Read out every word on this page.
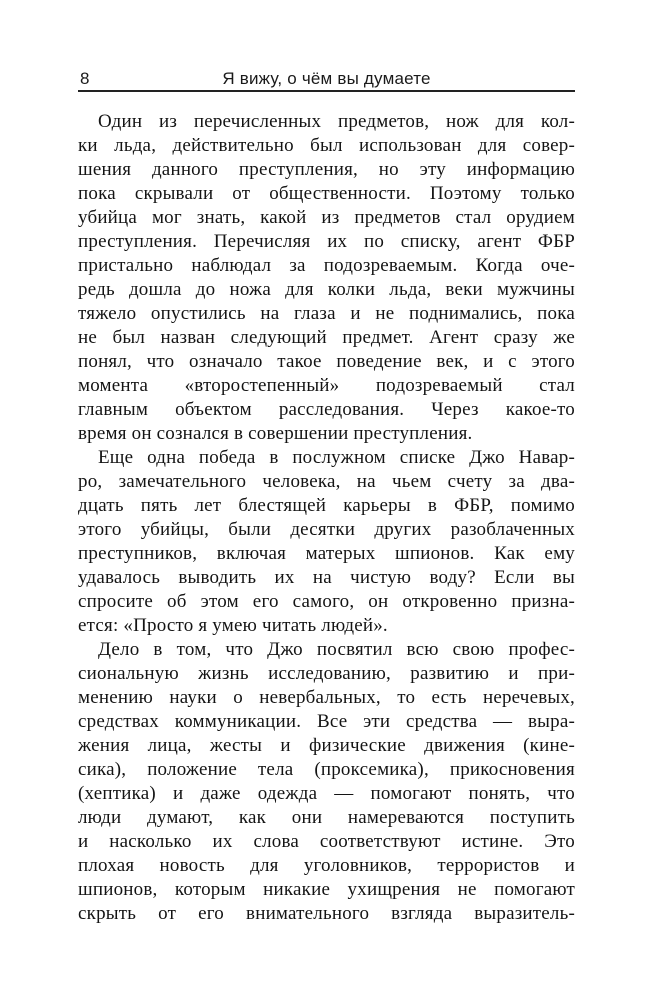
8	Я вижу, о чём вы думаете
Один из перечисленных предметов, нож для кол-
ки льда, действительно был использован для совер-
шения данного преступления, но эту информацию
пока скрывали от общественности. Поэтому только
убийца мог знать, какой из предметов стал орудием
преступления. Перечисляя их по списку, агент ФБР
пристально наблюдал за подозреваемым. Когда оче-
редь дошла до ножа для колки льда, веки мужчины
тяжело опустились на глаза и не поднимались, пока
не был назван следующий предмет. Агент сразу же
понял, что означало такое поведение век, и с этого
момента «второстепенный» подозреваемый стал
главным объектом расследования. Через какое-то
время он сознался в совершении преступления.
Еще одна победа в послужном списке Джо Навар-
ро, замечательного человека, на чьем счету за два-
дцать пять лет блестящей карьеры в ФБР, помимо
этого убийцы, были десятки других разоблаченных
преступников, включая матерых шпионов. Как ему
удавалось выводить их на чистую воду? Если вы
спросите об этом его самого, он откровенно призна-
ется: «Просто я умею читать людей».
Дело в том, что Джо посвятил всю свою профес-
сиональную жизнь исследованию, развитию и при-
менению науки о невербальных, то есть неречевых,
средствах коммуникации. Все эти средства — выра-
жения лица, жесты и физические движения (кине-
сика), положение тела (проксемика), прикосновения
(хептика) и даже одежда — помогают понять, что
люди думают, как они намереваются поступить
и насколько их слова соответствуют истине. Это
плохая новость для уголовников, террористов и
шпионов, которым никакие ухищрения не помогают
скрыть от его внимательного взгляда выразитель-
